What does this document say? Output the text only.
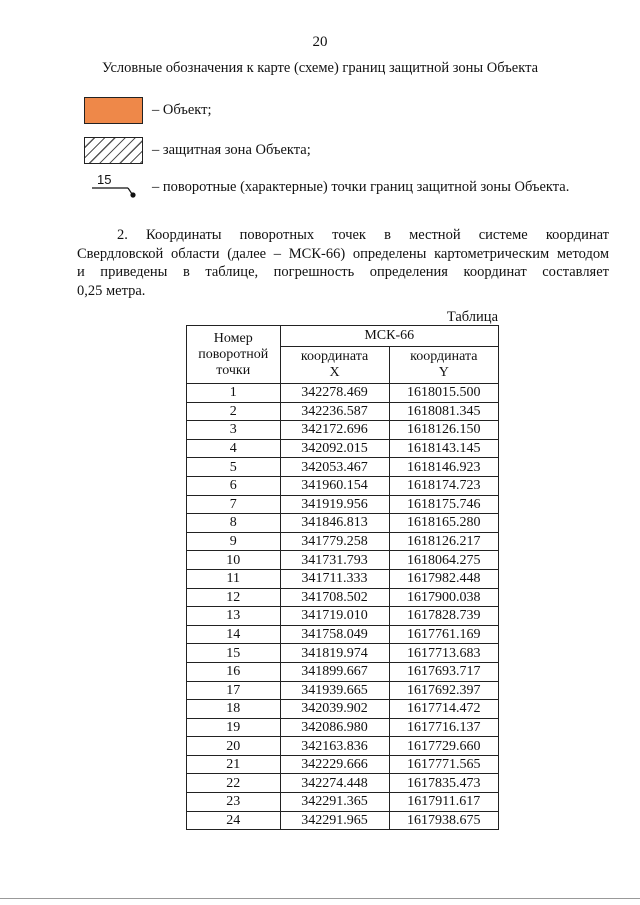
20
Условные обозначения к карте (схеме) границ защитной зоны Объекта
– Объект;
– защитная зона Объекта;
15	– поворотные (характерные) точки границ защитной зоны Объекта.
2. Координаты поворотных точек в местной системе координат
Свердловской области (далее – МСК-66) определены картометрическим методом
и приведены в таблице, погрешность определения координат составляет
0,25 метра.
Таблица
Номер поворотной точки	МСК-66	
	координата X	координата Y
1	342278.469	1618015.500
2	342236.587	1618081.345
3	342172.696	1618126.150
4	342092.015	1618143.145
5	342053.467	1618146.923
6	341960.154	1618174.723
7	341919.956	1618175.746
8	341846.813	1618165.280
9	341779.258	1618126.217
10	341731.793	1618064.275
11	341711.333	1617982.448
12	341708.502	1617900.038
13	341719.010	1617828.739
14	341758.049	1617761.169
15	341819.974	1617713.683
16	341899.667	1617693.717
17	341939.665	1617692.397
18	342039.902	1617714.472
19	342086.980	1617716.137
20	342163.836	1617729.660
21	342229.666	1617771.565
22	342274.448	1617835.473
23	342291.365	1617911.617
24	342291.965	1617938.675
